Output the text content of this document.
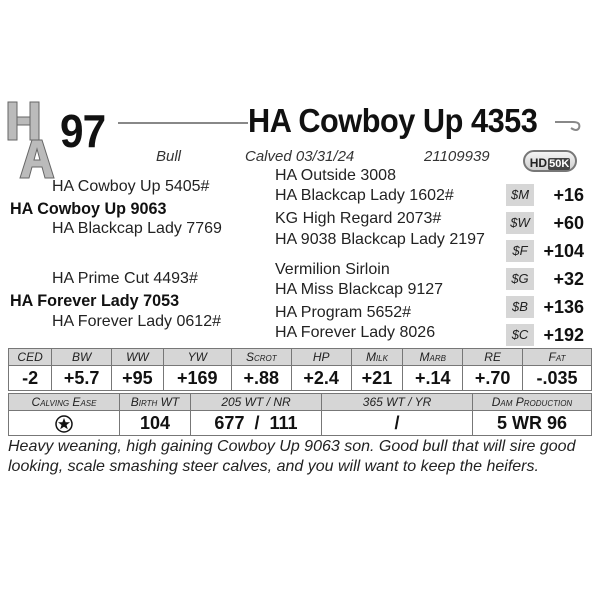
97	HA Cowboy Up 4353
Bull	Calved 03/31/24	21109939	HD 50K
HA Cowboy Up 5405#
HA Cowboy Up 9063
HA Blackcap Lady 7769
HA Prime Cut 4493#
HA Forever Lady 7053
HA Forever Lady 0612#
HA Outside 3008
HA Blackcap Lady 1602#
KG High Regard 2073#
HA 9038 Blackcap Lady 2197
Vermilion Sirloin
HA Miss Blackcap 9127
HA Program 5652#
HA Forever Lady 8026
$M	+16
$W	+60
$F +104
$G	+32
$B +136
$C +192
CED	BW	WW	YW	Scrot	HP	Milk	Marb	RE	Fat
-2	+5.7	+95	+169	+.88	+2.4	+21	+.14	+.70	-.035
Calving Ease	Birth WT	205 WT / NR	365 WT / YR	Dam Production
	104	677 / 111	/	5 WR 96
Heavy weaning, high gaining Cowboy Up 9063 son. Good bull that will sire good looking, scale smashing steer calves, and you will want to keep the heifers.
